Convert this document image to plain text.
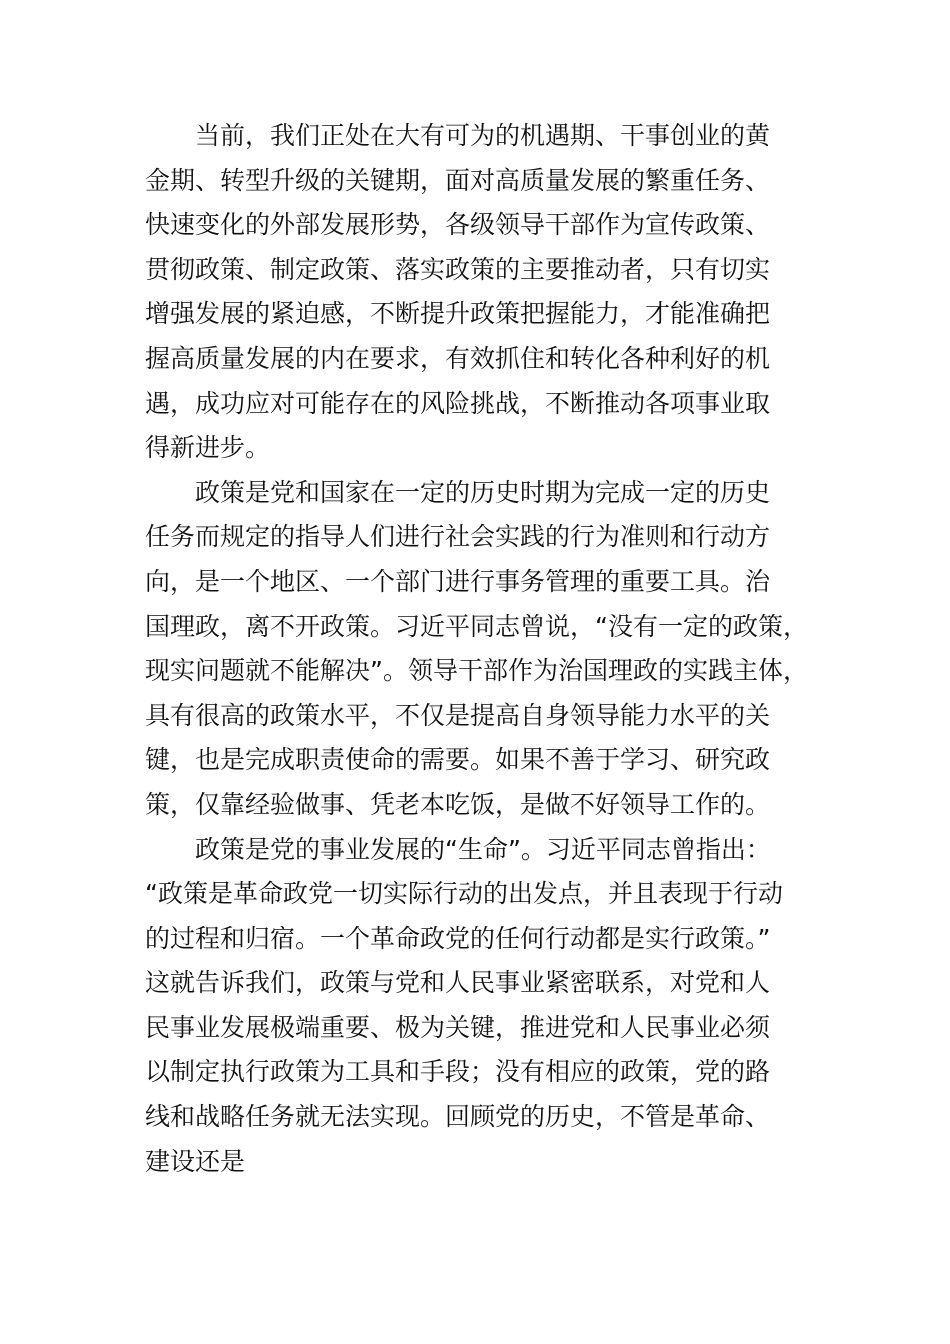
当前，我们正处在大有可为的机遇期、干事创业的黄
金期、转型升级的关键期，面对高质量发展的繁重任务、
快速变化的外部发展形势，各级领导干部作为宣传政策、
贯彻政策、制定政策、落实政策的主要推动者，只有切实
增强发展的紧迫感，不断提升政策把握能力，才能准确把
握高质量发展的内在要求，有效抓住和转化各种利好的机
遇，成功应对可能存在的风险挑战，不断推动各项事业取
得新进步。
政策是党和国家在一定的历史时期为完成一定的历史
任务而规定的指导人们进行社会实践的行为准则和行动方
向，是一个地区、一个部门进行事务管理的重要工具。治
国理政，离不开政策。习近平同志曾说，“没有一定的政策，
现实问题就不能解决”。领导干部作为治国理政的实践主体，
具有很高的政策水平，不仅是提高自身领导能力水平的关
键，也是完成职责使命的需要。如果不善于学习、研究政
策，仅靠经验做事、凭老本吃饭，是做不好领导工作的。
政策是党的事业发展的“生命”。习近平同志曾指出：
“政策是革命政党一切实际行动的出发点，并且表现于行动
的过程和归宿。一个革命政党的任何行动都是实行政策。”
这就告诉我们，政策与党和人民事业紧密联系，对党和人
民事业发展极端重要、极为关键，推进党和人民事业必须
以制定执行政策为工具和手段；没有相应的政策，党的路
线和战略任务就无法实现。回顾党的历史，不管是革命、
建设还是
